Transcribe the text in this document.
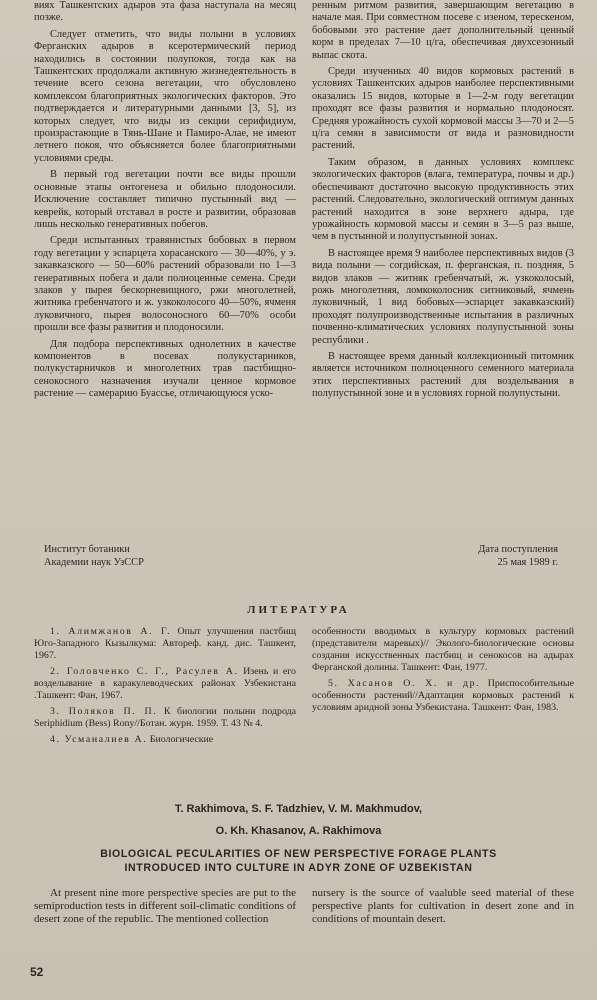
виях Ташкентских адыров эта фаза наступала на месяц позже.

Следует отметить, что виды полыни в условиях Ферганских адыров в ксеротермический период находились в состоянии полупокоя, тогда как на Ташкентских продолжали активную жизнедеятельность в течение всего сезона вегетации, что обусловлено комплексом благоприятных экологических факторов. Это подтверждается и литературными данными [3, 5], из которых следует, что виды из секции серифидиум, произрастающие в Тянь-Шане и Памиро-Алае, не имеют летнего покоя, что объясняется более благоприятными условиями среды.

В первый год вегетации почти все виды прошли основные этапы онтогенеза и обильно плодоносили. Исключение составляет типично пустынный вид — кеврейк, который отставал в росте и развитии, образовав лишь несколько генеративных побегов.

Среди испытанных травянистых бобовых в первом году вегетации у эспарцета хорасанского — 30—40%, у э. закавказского — 50—60% растений образовали по 1—3 генеративных побега и дали полноценные семена. Среди злаков у пырея бескорневищного, ржи многолетней, житняка гребенчатого и ж. узкоколосого 40—50%, ячменя луковичного, пырея волосоносного 60—70% особи прошли все фазы развития и плодоносили.

Для подбора перспективных однолетних в качестве компонентов в посевах полукустарников, полукустарничков и многолетних трав пастбищно-сенокосного назначения изучали ценное кормовое растение — самерарию Буассье, отличающуюся уско-

ренным ритмом развития, завершающим вегетацию в начале мая. При совместном посеве с изеном, терескеном, бобовыми это растение дает дополнительный ценный корм в пределах 7—10 ц/га, обеспечивая двухсезонный выпас скота.

Среди изученных 40 видов кормовых растений в условиях Ташкентских адыров наиболее перспективными оказались 15 видов, которые в 1—2-м году вегетации проходят все фазы развития и нормально плодоносят. Средняя урожайность сухой кормовой массы 3—70 и 2—5 ц/га семян в зависимости от вида и разновидности растений.

Таким образом, в данных условиях комплекс экологических факторов (влага, температура, почвы и др.) обеспечивают достаточно высокую продуктивность этих растений. Следовательно, экологический оптимум данных растений находится в зоне верхнего адыра, где урожайность кормовой массы и семян в 3—5 раз выше, чем в пустынной и полупустынной зонах.

В настоящее время 9 наиболее перспективных видов (3 вида полыни — согдийская, п. ферганская, п. поздняя, 5 видов злаков — житняк гребенчатый, ж. узкоколосый, рожь многолетняя, ломкоколосник ситниковый, ячмень луковичный, 1 вид бобовых—эспарцет закавказский) проходят полупроизводственные испытания в различных почвенно-климатических условиях полупустынной зоны республики .

В настоящее время данный коллекционный питомник является источником полноценного семенного материала этих перспективных растений для возделывания в полупустынной зоне и в условиях горной полупустыни.

Институт ботаники
Академии наук УзССР
Дата поступления
25 мая 1989 г.
ЛИТЕРАТУРА

1. Алимжанов А. Г. Опыт улучшения пастбищ Юго-Западного Кызылкума: Автореф. канд. дис. Ташкент, 1967.

2. Головченко С. Г., Расулев А. Изень и его возделывание в каракулеводческих районах Узбекистана .Ташкент: Фан, 1967.

3. Поляков П. П. К биологии полыни подрода Seriphidium (Bess) Rony//Ботан. журн. 1959. Т. 43 № 4.

4. Усманалиев А. Биологические

особенности вводимых в культуру кормовых растений (представители маревых)// Эколого-биологические основы создания искусственных пастбищ и сенокосов на адырах Ферганской долины. Ташкент: Фан, 1977.

5. Хасанов О. Х. и др. Приспособительные особенности растений//Адаптация кормовых растений к условиям аридной зоны Узбекистана. Ташкент: Фан, 1983.

T. Rakhimova, S. F. Tadzhiev, V. M. Makhmudov,
O. Kh. Khasanov, A. Rakhimova
BIOLOGICAL PECULARITIES OF NEW PERSPECTIVE FORAGE PLANTS
INTRODUCED INTO CULTURE IN ADYR ZONE OF UZBEKISTAN

At present nine more perspective species are put to the semiproduction tests in different soil-climatic conditions of desert zone of the republic. The mentioned collection

nursery is the source of vaaluble seed material of these perspective plants for cultivation in desert zone and in conditions of mountain desert.

52
